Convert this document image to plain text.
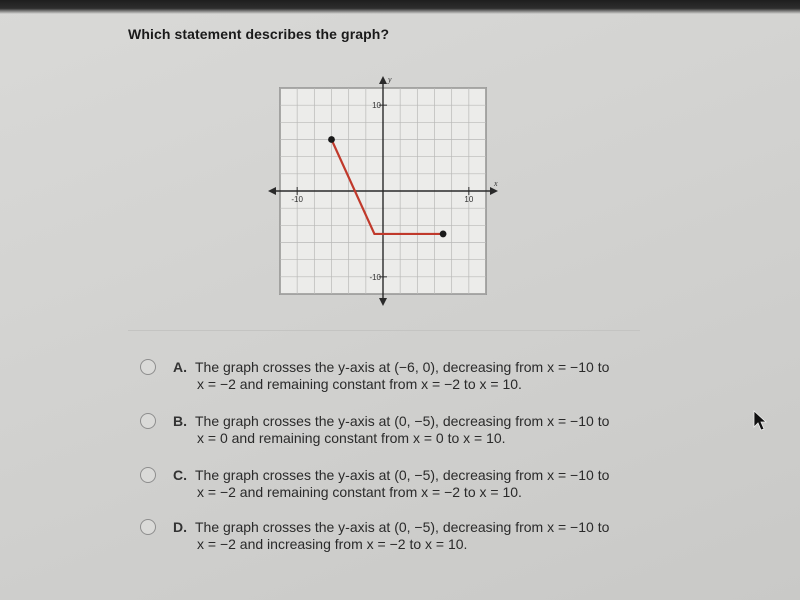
Which statement describes the graph?
10
-10
-10	10
x
y
A. The graph crosses the y-axis at (−6, 0), decreasing from x = −10 to
x = −2 and remaining constant from x = −2 to x = 10.
B. The graph crosses the y-axis at (0, −5), decreasing from x = −10 to
x = 0 and remaining constant from x = 0 to x = 10.
C. The graph crosses the y-axis at (0, −5), decreasing from x = −10 to
x = −2 and remaining constant from x = −2 to x = 10.
D. The graph crosses the y-axis at (0, −5), decreasing from x = −10 to
x = −2 and increasing from x = −2 to x = 10.
